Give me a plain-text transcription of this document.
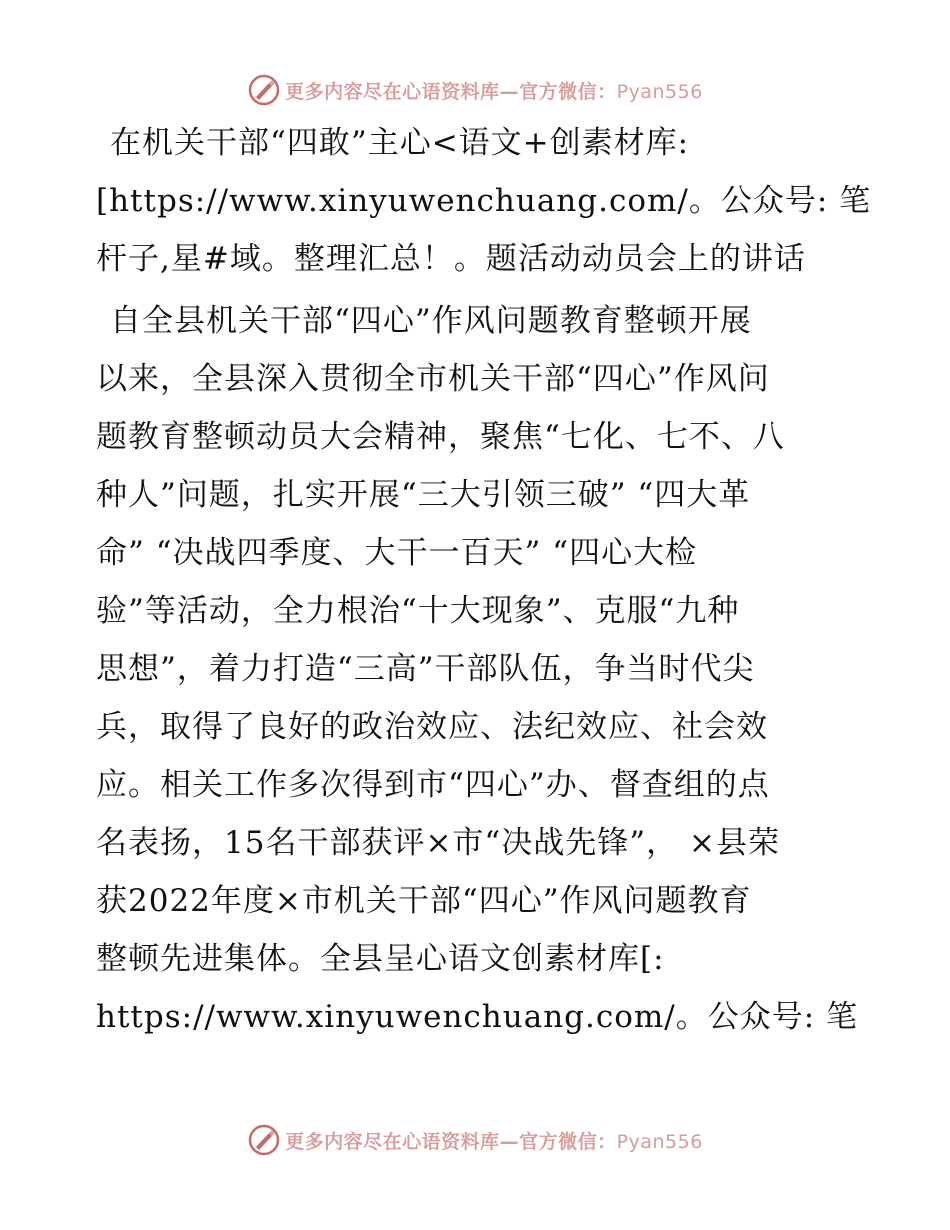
更多内容尽在心语资料库—官方微信：Pyan556
在机关干部“四敢”主心<语文+创素材库:
[https://www.xinyuwenchuang.com/。公众号: 笔
杆子,星#域。整理汇总！。题活动动员会上的讲话
自全县机关干部“四心”作风问题教育整顿开展
以来，全县深入贯彻全市机关干部“四心”作风问
题教育整顿动员大会精神，聚焦“七化、七不、八
种人”问题，扎实开展“三大引领三破” “四大革
命” “决战四季度、大干一百天” “四心大检
验”等活动，全力根治“十大现象”、克服“九种
思想”，着力打造“三高”干部队伍，争当时代尖
兵，取得了良好的政治效应、法纪效应、社会效
应。相关工作多次得到市“四心”办、督查组的点
名表扬，15名干部获评×市“决战先锋”， ×县荣
获2022年度×市机关干部“四心”作风问题教育
整顿先进集体。全县呈心语文创素材库[:
https://www.xinyuwenchuang.com/。公众号: 笔
更多内容尽在心语资料库—官方微信：Pyan556
